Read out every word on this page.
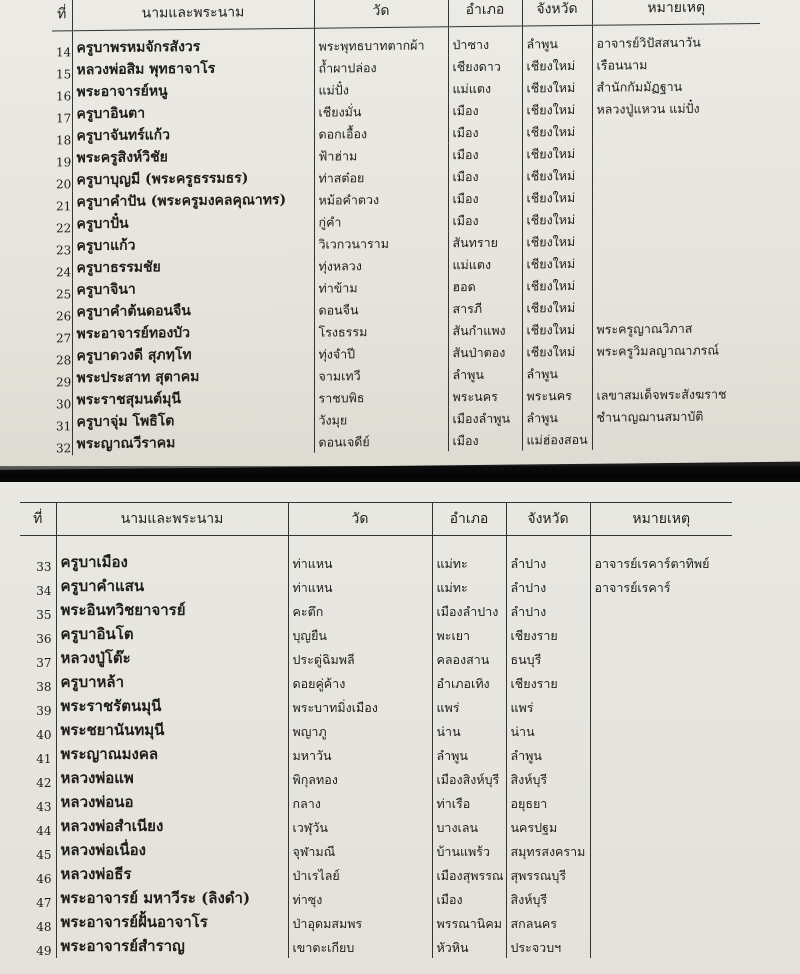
ที่	นามและพระนาม	วัด	อำเภอ	จังหวัด	หมายเหตุ
14	ครูบาพรหมจักรสังวร	พระพุทธบาทตากผ้า	ป่าซาง	ลำพูน	อาจารย์วิปัสสนาวัน
15	หลวงพ่อสิม พุทธาจาโร	ถ้ำผาปล่อง	เชียงดาว	เชียงใหม่	เรือนนาม
16	พระอาจารย์หนู	แม่ปั๋ง	แม่แตง	เชียงใหม่	สำนักกัมมัฏฐาน
17	ครูบาอินตา	เชียงมั่น	เมือง	เชียงใหม่	หลวงปู่แหวน แม่ปั๋ง
18	ครูบาจันทร์แก้ว	ดอกเอื้อง	เมือง	เชียงใหม่	
19	พระครูสิงห์วิชัย	ฟ้าฮ่าม	เมือง	เชียงใหม่	
20	ครูบาบุญมี (พระครูธรรมธร)	ท่าสต๋อย	เมือง	เชียงใหม่	
21	ครูบาคำปัน (พระครูมงคลคุณาทร)	หม้อคำตวง	เมือง	เชียงใหม่	
22	ครูบาปั๋น	กู่คำ	เมือง	เชียงใหม่	
23	ครูบาแก้ว	วิเวกวนาราม	สันทราย	เชียงใหม่	
24	ครูบาธรรมชัย	ทุ่งหลวง	แม่แตง	เชียงใหม่	
25	ครูบาจินา	ท่าข้าม	ฮอด	เชียงใหม่	
26	ครูบาคำต้นดอนจืน	ดอนจืน	สารภี	เชียงใหม่	
27	พระอาจารย์ทองบัว	โรงธรรม	สันกำแพง	เชียงใหม่	พระครูญาณวิภาส
28	ครูบาดวงดี สุภทฺโท	ทุ่งจำปี	สันป่าตอง	เชียงใหม่	พระครูวิมลญาณาภรณ์
29	พระประสาท สุตาคม	จามเทวี	ลำพูน	ลำพูน	
30	พระราชสุมนต์มุนี	ราชบพิธ	พระนคร	พระนคร	เลขาสมเด็จพระสังฆราช
31	ครูบาจุ่ม โพธิโต	วังมุย	เมืองลำพูน	ลำพูน	ชำนาญฌานสมาบัติ
32	พระญาณวีราคม	ดอนเจดีย์	เมือง	แม่ฮ่องสอน	
ที่	นามและพระนาม	วัด	อำเภอ	จังหวัด	หมายเหตุ

33	ครูบาเมือง	ท่าแหน	แม่ทะ	ลำปาง	อาจารย์เรคาร์ตาทิพย์
34	ครูบาคำแสน	ท่าแหน	แม่ทะ	ลำปาง	อาจารย์เรคาร์
35	พระอินทวิชยาจารย์	คะตึก	เมืองลำปาง	ลำปาง	
36	ครูบาอินโต	บุญยืน	พะเยา	เชียงราย	
37	หลวงปู่โต๊ะ	ประดู่ฉิมพลี	คลองสาน	ธนบุรี	
38	ครูบาหล้า	ดอยคู่ค้าง	อำเภอเทิง	เชียงราย	
39	พระราชรัตนมุนี	พระบาทมิ่งเมือง	แพร่	แพร่	
40	พระชยานันทมุนี	พญาภู	น่าน	น่าน	
41	พระญาณมงคล	มหาวัน	ลำพูน	ลำพูน	
42	หลวงพ่อแพ	พิกุลทอง	เมืองสิงห์บุรี	สิงห์บุรี	
43	หลวงพ่อนอ	กลาง	ท่าเรือ	อยุธยา	
44	หลวงพ่อสำเนียง	เวฬุวัน	บางเลน	นครปฐม	
45	หลวงพ่อเนื่อง	จุฬามณี	บ้านแพร้ว	สมุทรสงคราม	
46	หลวงพ่อธีร	ป่าเรไลย์	เมืองสุพรรณ	สุพรรณบุรี	
47	พระอาจารย์ มหาวีระ (ลิงดำ)	ท่าซุง	เมือง	สิงห์บุรี	
48	พระอาจารย์ฝั้นอาจาโร	ป่าอุดมสมพร	พรรณานิคม	สกลนคร	
49	พระอาจารย์สำราญ	เขาตะเกียบ	หัวหิน	ประจวบฯ	
